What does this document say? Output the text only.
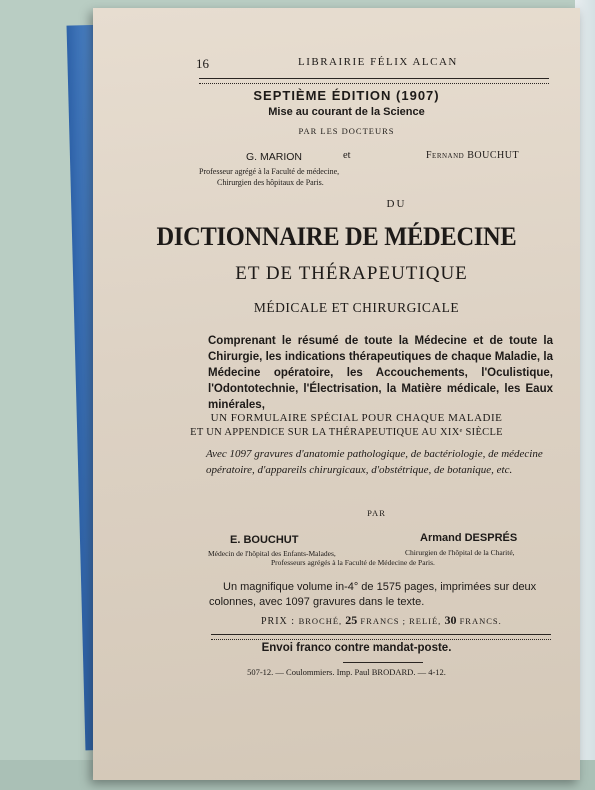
16	LIBRAIRIE FÉLIX ALCAN
SEPTIÈME ÉDITION (1907)
Mise au courant de la Science
PAR LES DOCTEURS
G. MARION	et	Fernand BOUCHUT
Professeur agrégé à la Faculté de médecine,
Chirurgien des hôpitaux de Paris.
DU
DICTIONNAIRE DE MÉDECINE
ET DE THÉRAPEUTIQUE
MÉDICALE ET CHIRURGICALE
Comprenant le résumé de toute la Médecine et de toute la Chirurgie, les indications thérapeutiques de chaque Maladie, la Médecine opératoire, les Accouchements, l'Oculistique, l'Odontotechnie, l'Électrisation, la Matière médicale, les Eaux minérales,
UN FORMULAIRE SPÉCIAL POUR CHAQUE MALADIE
ET UN APPENDICE SUR LA THÉRAPEUTIQUE AU XIXᵉ SIÈCLE
Avec 1097 gravures d'anatomie pathologique, de bactériologie, de médecine opératoire, d'appareils chirurgicaux, d'obstétrique, de botanique, etc.
PAR
E. BOUCHUT	Armand DESPRÉS
Médecin de l'hôpital des Enfants-Malades,	Chirurgien de l'hôpital de la Charité,
Professeurs agrégés à la Faculté de Médecine de Paris.
Un magnifique volume in-4° de 1575 pages, imprimées sur deux
colonnes, avec 1097 gravures dans le texte.
PRIX : BROCHÉ, 25 FRANCS ; RELIÉ, 30 FRANCS.
Envoi franco contre mandat-poste.
507-12. — Coulommiers. Imp. Paul BRODARD. — 4-12.
